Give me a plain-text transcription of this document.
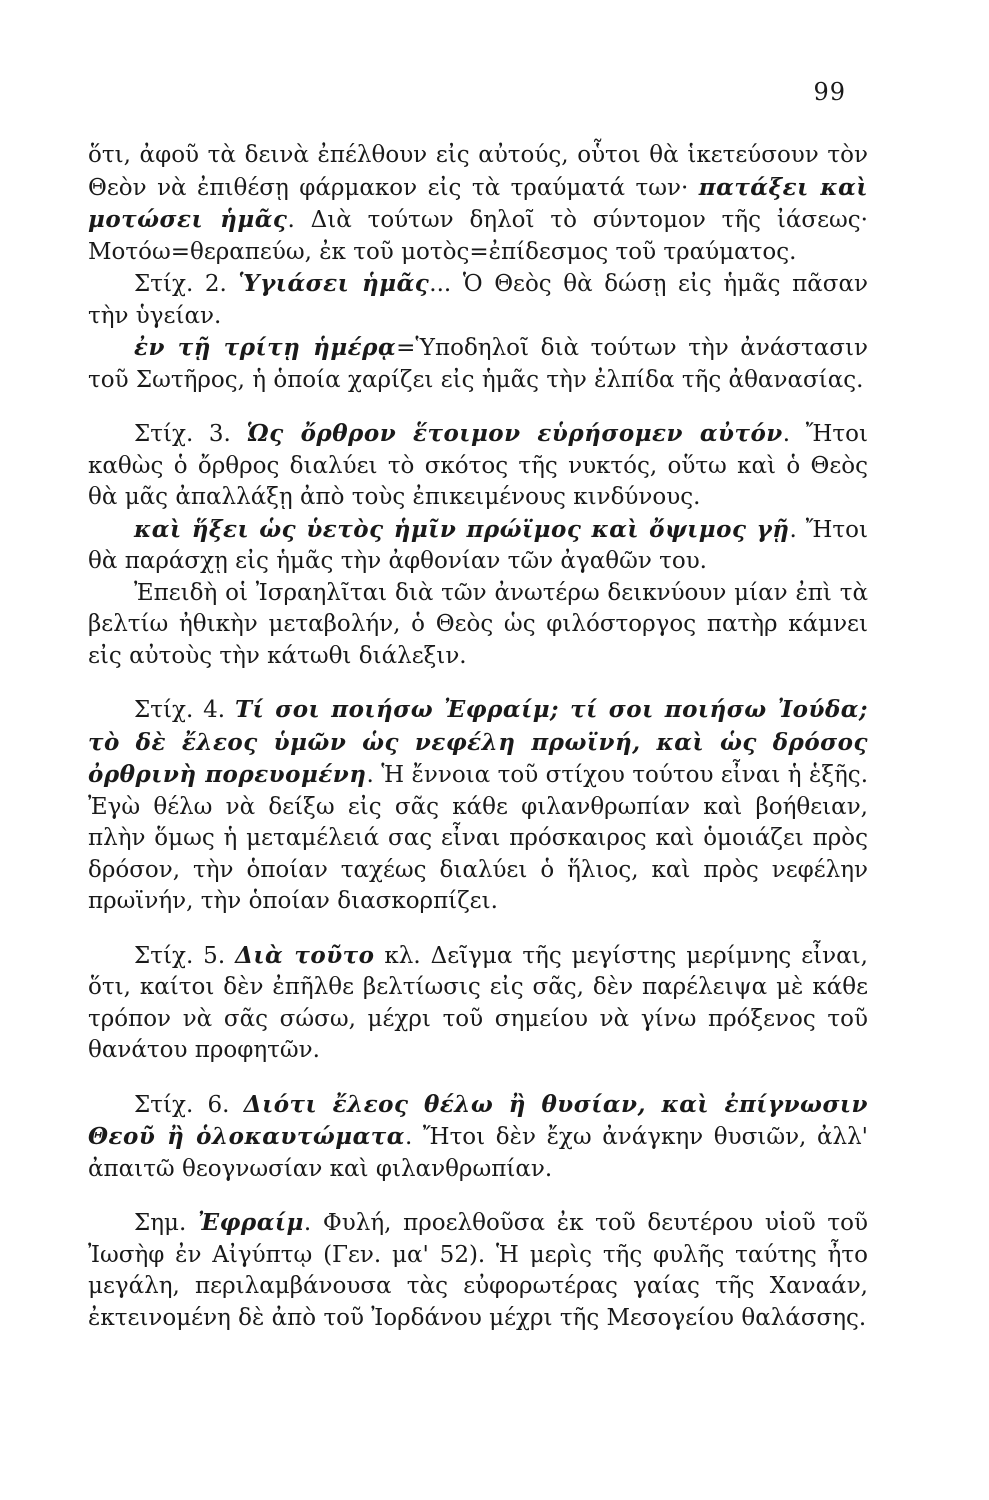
99

ὅτι, ἀφοῦ τὰ δεινὰ ἐπέλθουν εἰς αὐτούς, οὗτοι θὰ ἱκετεύσουν τὸν Θεὸν νὰ ἐπιθέσῃ φάρμακον εἰς τὰ τραύματά των· πατάξει καὶ μοτώσει ἡμᾶς. Διὰ τούτων δηλοῖ τὸ σύντομον τῆς ἰάσεως· Μοτόω=θεραπεύω, ἐκ τοῦ μοτὸς=ἐπίδεσμος τοῦ τραύματος.

Στίχ. 2. Ὑγιάσει ἡμᾶς... Ὁ Θεὸς θὰ δώσῃ εἰς ἡμᾶς πᾶσαν τὴν ὑγείαν.

ἐν τῇ τρίτῃ ἡμέρᾳ=Ὑποδηλοῖ διὰ τούτων τὴν ἀνάστασιν τοῦ Σωτῆρος, ἡ ὁποία χαρίζει εἰς ἡμᾶς τὴν ἐλπίδα τῆς ἀθανασίας.

Στίχ. 3. Ὡς ὄρθρον ἕτοιμον εὑρήσομεν αὐτόν. Ἤτοι καθὼς ὁ ὄρθρος διαλύει τὸ σκότος τῆς νυκτός, οὕτω καὶ ὁ Θεὸς θὰ μᾶς ἀπαλλάξῃ ἀπὸ τοὺς ἐπικειμένους κινδύνους.

καὶ ἥξει ὡς ὑετὸς ἡμῖν πρώϊμος καὶ ὄψιμος γῇ. Ἤτοι θὰ παράσχῃ εἰς ἡμᾶς τὴν ἀφθονίαν τῶν ἀγαθῶν του.

Ἐπειδὴ οἱ Ἰσραηλῖται διὰ τῶν ἀνωτέρω δεικνύουν μίαν ἐπὶ τὰ βελτίω ἠθικὴν μεταβολήν, ὁ Θεὸς ὡς φιλόστοργος πατὴρ κάμνει εἰς αὐτοὺς τὴν κάτωθι διάλεξιν.

Στίχ. 4. Τί σοι ποιήσω Ἐφραίμ; τί σοι ποιήσω Ἰούδα; τὸ δὲ ἔλεος ὑμῶν ὡς νεφέλη πρωϊνή, καὶ ὡς δρόσος ὀρθρινὴ πορευομένη. Ἡ ἔννοια τοῦ στίχου τούτου εἶναι ἡ ἑξῆς. Ἐγὼ θέλω νὰ δείξω εἰς σᾶς κάθε φιλανθρωπίαν καὶ βοήθειαν, πλὴν ὅμως ἡ μεταμέλειά σας εἶναι πρόσκαιρος καὶ ὁμοιάζει πρὸς δρόσον, τὴν ὁποίαν ταχέως διαλύει ὁ ἥλιος, καὶ πρὸς νεφέλην πρωϊνήν, τὴν ὁποίαν διασκορπίζει.

Στίχ. 5. Διὰ τοῦτο κλ. Δεῖγμα τῆς μεγίστης μερίμνης εἶναι, ὅτι, καίτοι δὲν ἐπῆλθε βελτίωσις εἰς σᾶς, δὲν παρέλειψα μὲ κάθε τρόπον νὰ σᾶς σώσω, μέχρι τοῦ σημείου νὰ γίνω πρόξενος τοῦ θανάτου προφητῶν.

Στίχ. 6. Διότι ἔλεος θέλω ἢ θυσίαν, καὶ ἐπίγνωσιν Θεοῦ ἢ ὁλοκαυτώματα. Ἤτοι δὲν ἔχω ἀνάγκην θυσιῶν, ἀλλ' ἀπαιτῶ θεογνωσίαν καὶ φιλανθρωπίαν.

Σημ. Ἐφραίμ. Φυλή, προελθοῦσα ἐκ τοῦ δευτέρου υἱοῦ τοῦ Ἰωσὴφ ἐν Αἰγύπτῳ (Γεν. μα' 52). Ἡ μερὶς τῆς φυλῆς ταύτης ἦτο μεγάλη, περιλαμβάνουσα τὰς εὐφορωτέρας γαίας τῆς Χαναάν, ἐκτεινομένη δὲ ἀπὸ τοῦ Ἰορδάνου μέχρι τῆς Μεσογείου θαλάσσης.
